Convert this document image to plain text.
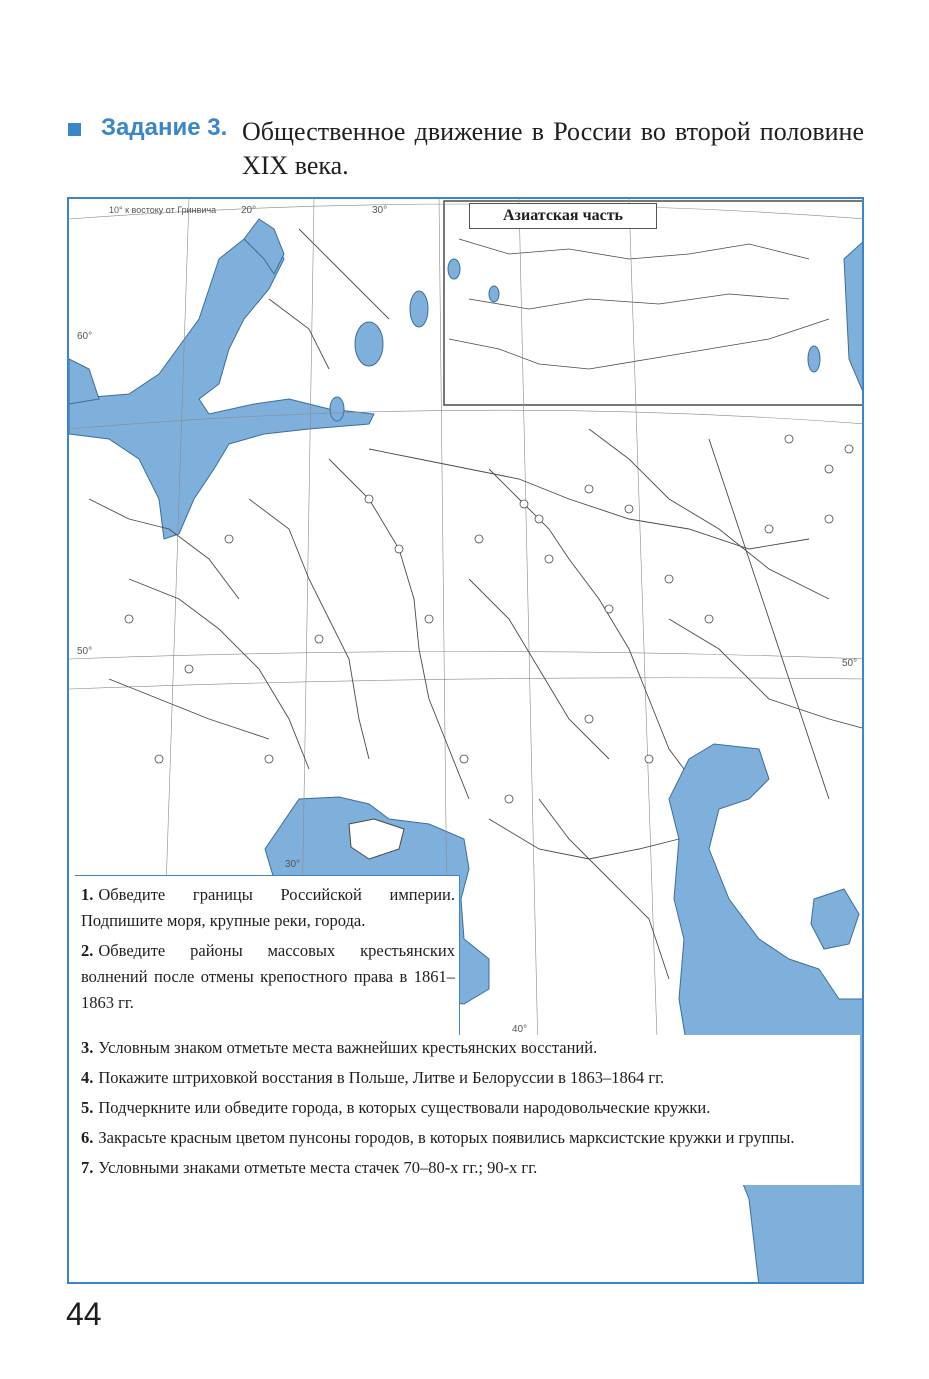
Задание 3. Общественное движение в России во второй половине XIX века.
10° к востоку от Гринвича 20°	30°
60°
50°
50°
30°
40°
Азиатская часть

1. Обведите границы Российской империи. Подпишите моря, крупные реки, города.

2. Обведите районы массовых крестьянских волнений после отмены крепостного права в 1861–1863 гг.

3. Условным знаком отметьте места важнейших крестьянских восстаний.

4. Покажите штриховкой восстания в Польше, Литве и Белоруссии в 1863–1864 гг.

5. Подчеркните или обведите города, в которых существовали народовольческие кружки.

6. Закрасьте красным цветом пунсоны городов, в которых появились марксистские кружки и группы.

7. Условными знаками отметьте места стачек 70–80-х гг.; 90-х гг.

44
